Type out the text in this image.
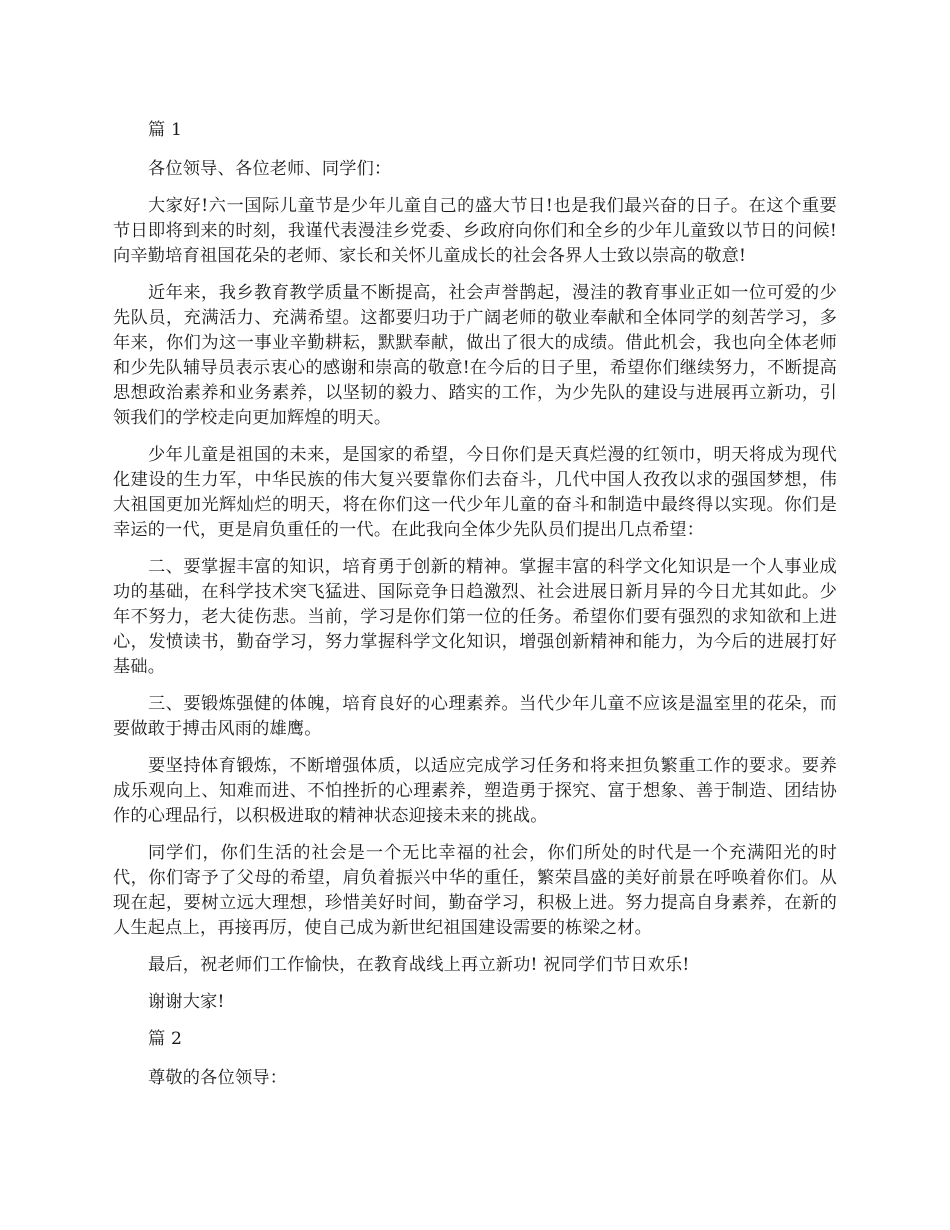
篇 1

各位领导、各位老师、同学们：

大家好!六一国际儿童节是少年儿童自己的盛大节日!也是我们最兴奋的日子。在这个重要节日即将到来的时刻，我谨代表漫洼乡党委、乡政府向你们和全乡的少年儿童致以节日的问候!向辛勤培育祖国花朵的老师、家长和关怀儿童成长的社会各界人士致以崇高的敬意!

近年来，我乡教育教学质量不断提高，社会声誉鹊起，漫洼的教育事业正如一位可爱的少先队员，充满活力、充满希望。这都要归功于广阔老师的敬业奉献和全体同学的刻苦学习，多年来，你们为这一事业辛勤耕耘，默默奉献，做出了很大的成绩。借此机会，我也向全体老师和少先队辅导员表示衷心的感谢和崇高的敬意!在今后的日子里，希望你们继续努力，不断提高思想政治素养和业务素养，以坚韧的毅力、踏实的工作，为少先队的建设与进展再立新功，引领我们的学校走向更加辉煌的明天。

少年儿童是祖国的未来，是国家的希望，今日你们是天真烂漫的红领巾，明天将成为现代化建设的生力军，中华民族的伟大复兴要靠你们去奋斗，几代中国人孜孜以求的强国梦想，伟大祖国更加光辉灿烂的明天，将在你们这一代少年儿童的奋斗和制造中最终得以实现。你们是幸运的一代，更是肩负重任的一代。在此我向全体少先队员们提出几点希望：

二、要掌握丰富的知识，培育勇于创新的精神。掌握丰富的科学文化知识是一个人事业成功的基础，在科学技术突飞猛进、国际竞争日趋激烈、社会进展日新月异的今日尤其如此。少年不努力，老大徒伤悲。当前，学习是你们第一位的任务。希望你们要有强烈的求知欲和上进心，发愤读书，勤奋学习，努力掌握科学文化知识，增强创新精神和能力，为今后的进展打好基础。

三、要锻炼强健的体魄，培育良好的心理素养。当代少年儿童不应该是温室里的花朵，而要做敢于搏击风雨的雄鹰。

要坚持体育锻炼，不断增强体质，以适应完成学习任务和将来担负繁重工作的要求。要养成乐观向上、知难而进、不怕挫折的心理素养，塑造勇于探究、富于想象、善于制造、团结协作的心理品行，以积极进取的精神状态迎接未来的挑战。

同学们，你们生活的社会是一个无比幸福的社会，你们所处的时代是一个充满阳光的时代，你们寄予了父母的希望，肩负着振兴中华的重任，繁荣昌盛的美好前景在呼唤着你们。从现在起，要树立远大理想，珍惜美好时间，勤奋学习，积极上进。努力提高自身素养，在新的人生起点上，再接再厉，使自己成为新世纪祖国建设需要的栋梁之材。

最后，祝老师们工作愉快，在教育战线上再立新功! 祝同学们节日欢乐!

谢谢大家!

篇 2

尊敬的各位领导：
